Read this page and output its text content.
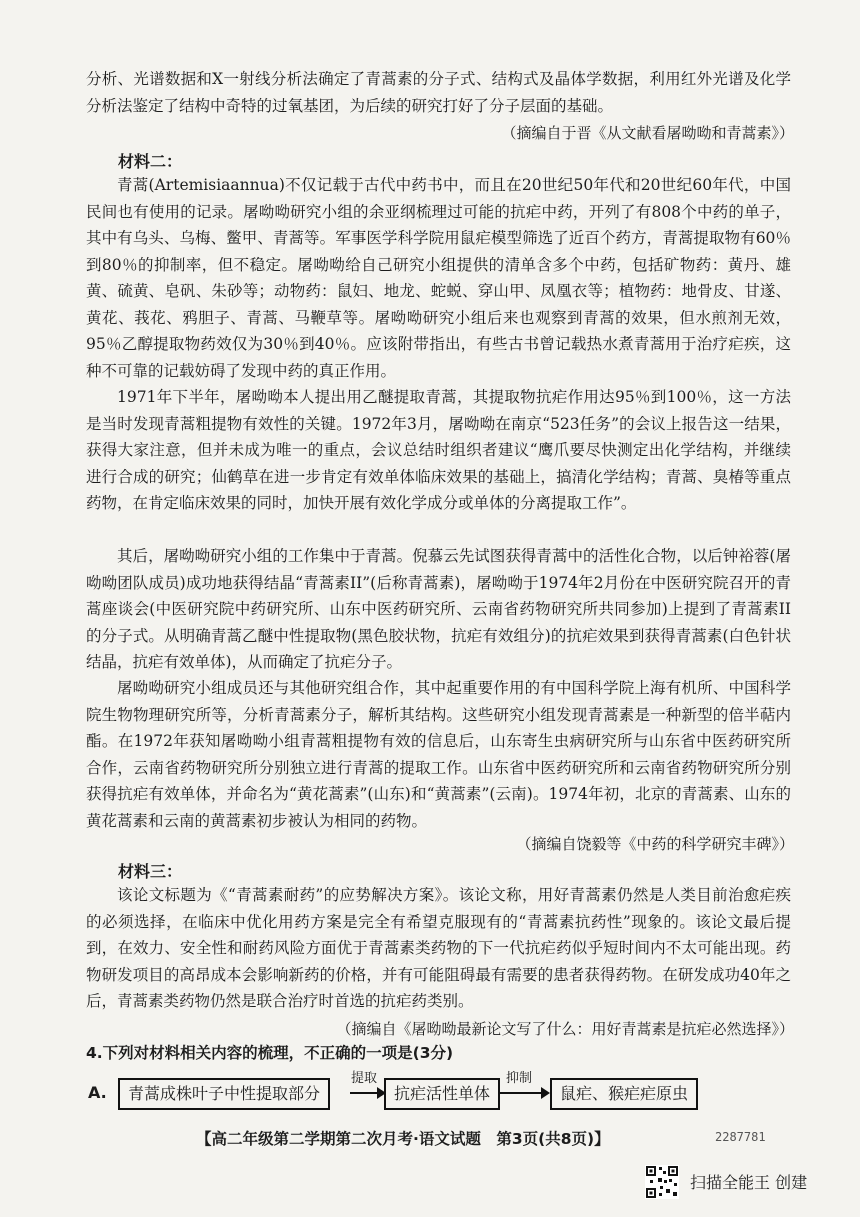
分析、光谱数据和X一射线分析法确定了青蒿素的分子式、结构式及晶体学数据，利用红外光谱及化学分析法鉴定了结构中奇特的过氧基团，为后续的研究打好了分子层面的基础。
（摘编自于晋《从文献看屠呦呦和青蒿素》）
材料二：
青蒿(Artemisiaannua)不仅记载于古代中药书中，而且在20世纪50年代和20世纪60年代，中国民间也有使用的记录。屠呦呦研究小组的余亚纲梳理过可能的抗疟中药，开列了有808个中药的单子，其中有乌头、乌梅、鳖甲、青蒿等。军事医学科学院用鼠疟模型筛选了近百个药方，青蒿提取物有60％到80％的抑制率，但不稳定。屠呦呦给自己研究小组提供的清单含多个中药，包括矿物药：黄丹、雄黄、硫黄、皂矾、朱砂等；动物药：鼠妇、地龙、蛇蜕、穿山甲、凤凰衣等；植物药：地骨皮、甘遂、黄花、莪花、鸦胆子、青蒿、马鞭草等。屠呦呦研究小组后来也观察到青蒿的效果，但水煎剂无效，95％乙醇提取物药效仅为30％到40％。应该附带指出，有些古书曾记载热水煮青蒿用于治疗疟疾，这种不可靠的记载妨碍了发现中药的真正作用。
1971年下半年，屠呦呦本人提出用乙醚提取青蒿，其提取物抗疟作用达95％到100％，这一方法是当时发现青蒿粗提物有效性的关键。1972年3月，屠呦呦在南京“523任务”的会议上报告这一结果，获得大家注意，但并未成为唯一的重点，会议总结时组织者建议“鹰爪要尽快测定出化学结构，并继续进行合成的研究；仙鹤草在进一步肯定有效单体临床效果的基础上，搞清化学结构；青蒿、臭椿等重点药物，在肯定临床效果的同时，加快开展有效化学成分或单体的分离提取工作”。
其后，屠呦呦研究小组的工作集中于青蒿。倪慕云先试图获得青蒿中的活性化合物，以后钟裕蓉(屠呦呦团队成员)成功地获得结晶“青蒿素II”(后称青蒿素)，屠呦呦于1974年2月份在中医研究院召开的青蒿座谈会(中医研究院中药研究所、山东中医药研究所、云南省药物研究所共同参加)上提到了青蒿素II的分子式。从明确青蒿乙醚中性提取物(黑色胶状物，抗疟有效组分)的抗疟效果到获得青蒿素(白色针状结晶，抗疟有效单体)，从而确定了抗疟分子。
屠呦呦研究小组成员还与其他研究组合作，其中起重要作用的有中国科学院上海有机所、中国科学院生物物理研究所等，分析青蒿素分子，解析其结构。这些研究小组发现青蒿素是一种新型的倍半萜内酯。在1972年获知屠呦呦小组青蒿粗提物有效的信息后，山东寄生虫病研究所与山东省中医药研究所合作，云南省药物研究所分别独立进行青蒿的提取工作。山东省中医药研究所和云南省药物研究所分别获得抗疟有效单体，并命名为“黄花蒿素”(山东)和“黄蒿素”(云南)。1974年初，北京的青蒿素、山东的黄花蒿素和云南的黄蒿素初步被认为相同的药物。
（摘编自饶毅等《中药的科学研究丰碑》）
材料三：
该论文标题为《“青蒿素耐药”的应势解决方案》。该论文称，用好青蒿素仍然是人类目前治愈疟疾的必须选择，在临床中优化用药方案是完全有希望克服现有的“青蒿素抗药性”现象的。该论文最后提到，在效力、安全性和耐药风险方面优于青蒿素类药物的下一代抗疟药似乎短时间内不太可能出现。药物研发项目的高昂成本会影响新药的价格，并有可能阻碍最有需要的患者获得药物。在研发成功40年之后，青蒿素类药物仍然是联合治疗时首选的抗疟药类别。
（摘编自《屠呦呦最新论文写了什么：用好青蒿素是抗疟必然选择》）
4.下列对材料相关内容的梳理，不正确的一项是(3分)
A.	青蒿成株叶子中性提取部分
提取
抗疟活性单体
抑制
鼠疟、猴疟疟原虫
【高二年级第二学期第二次月考·语文试题　第3页(共8页)】	2287781
扫描全能王 创建
